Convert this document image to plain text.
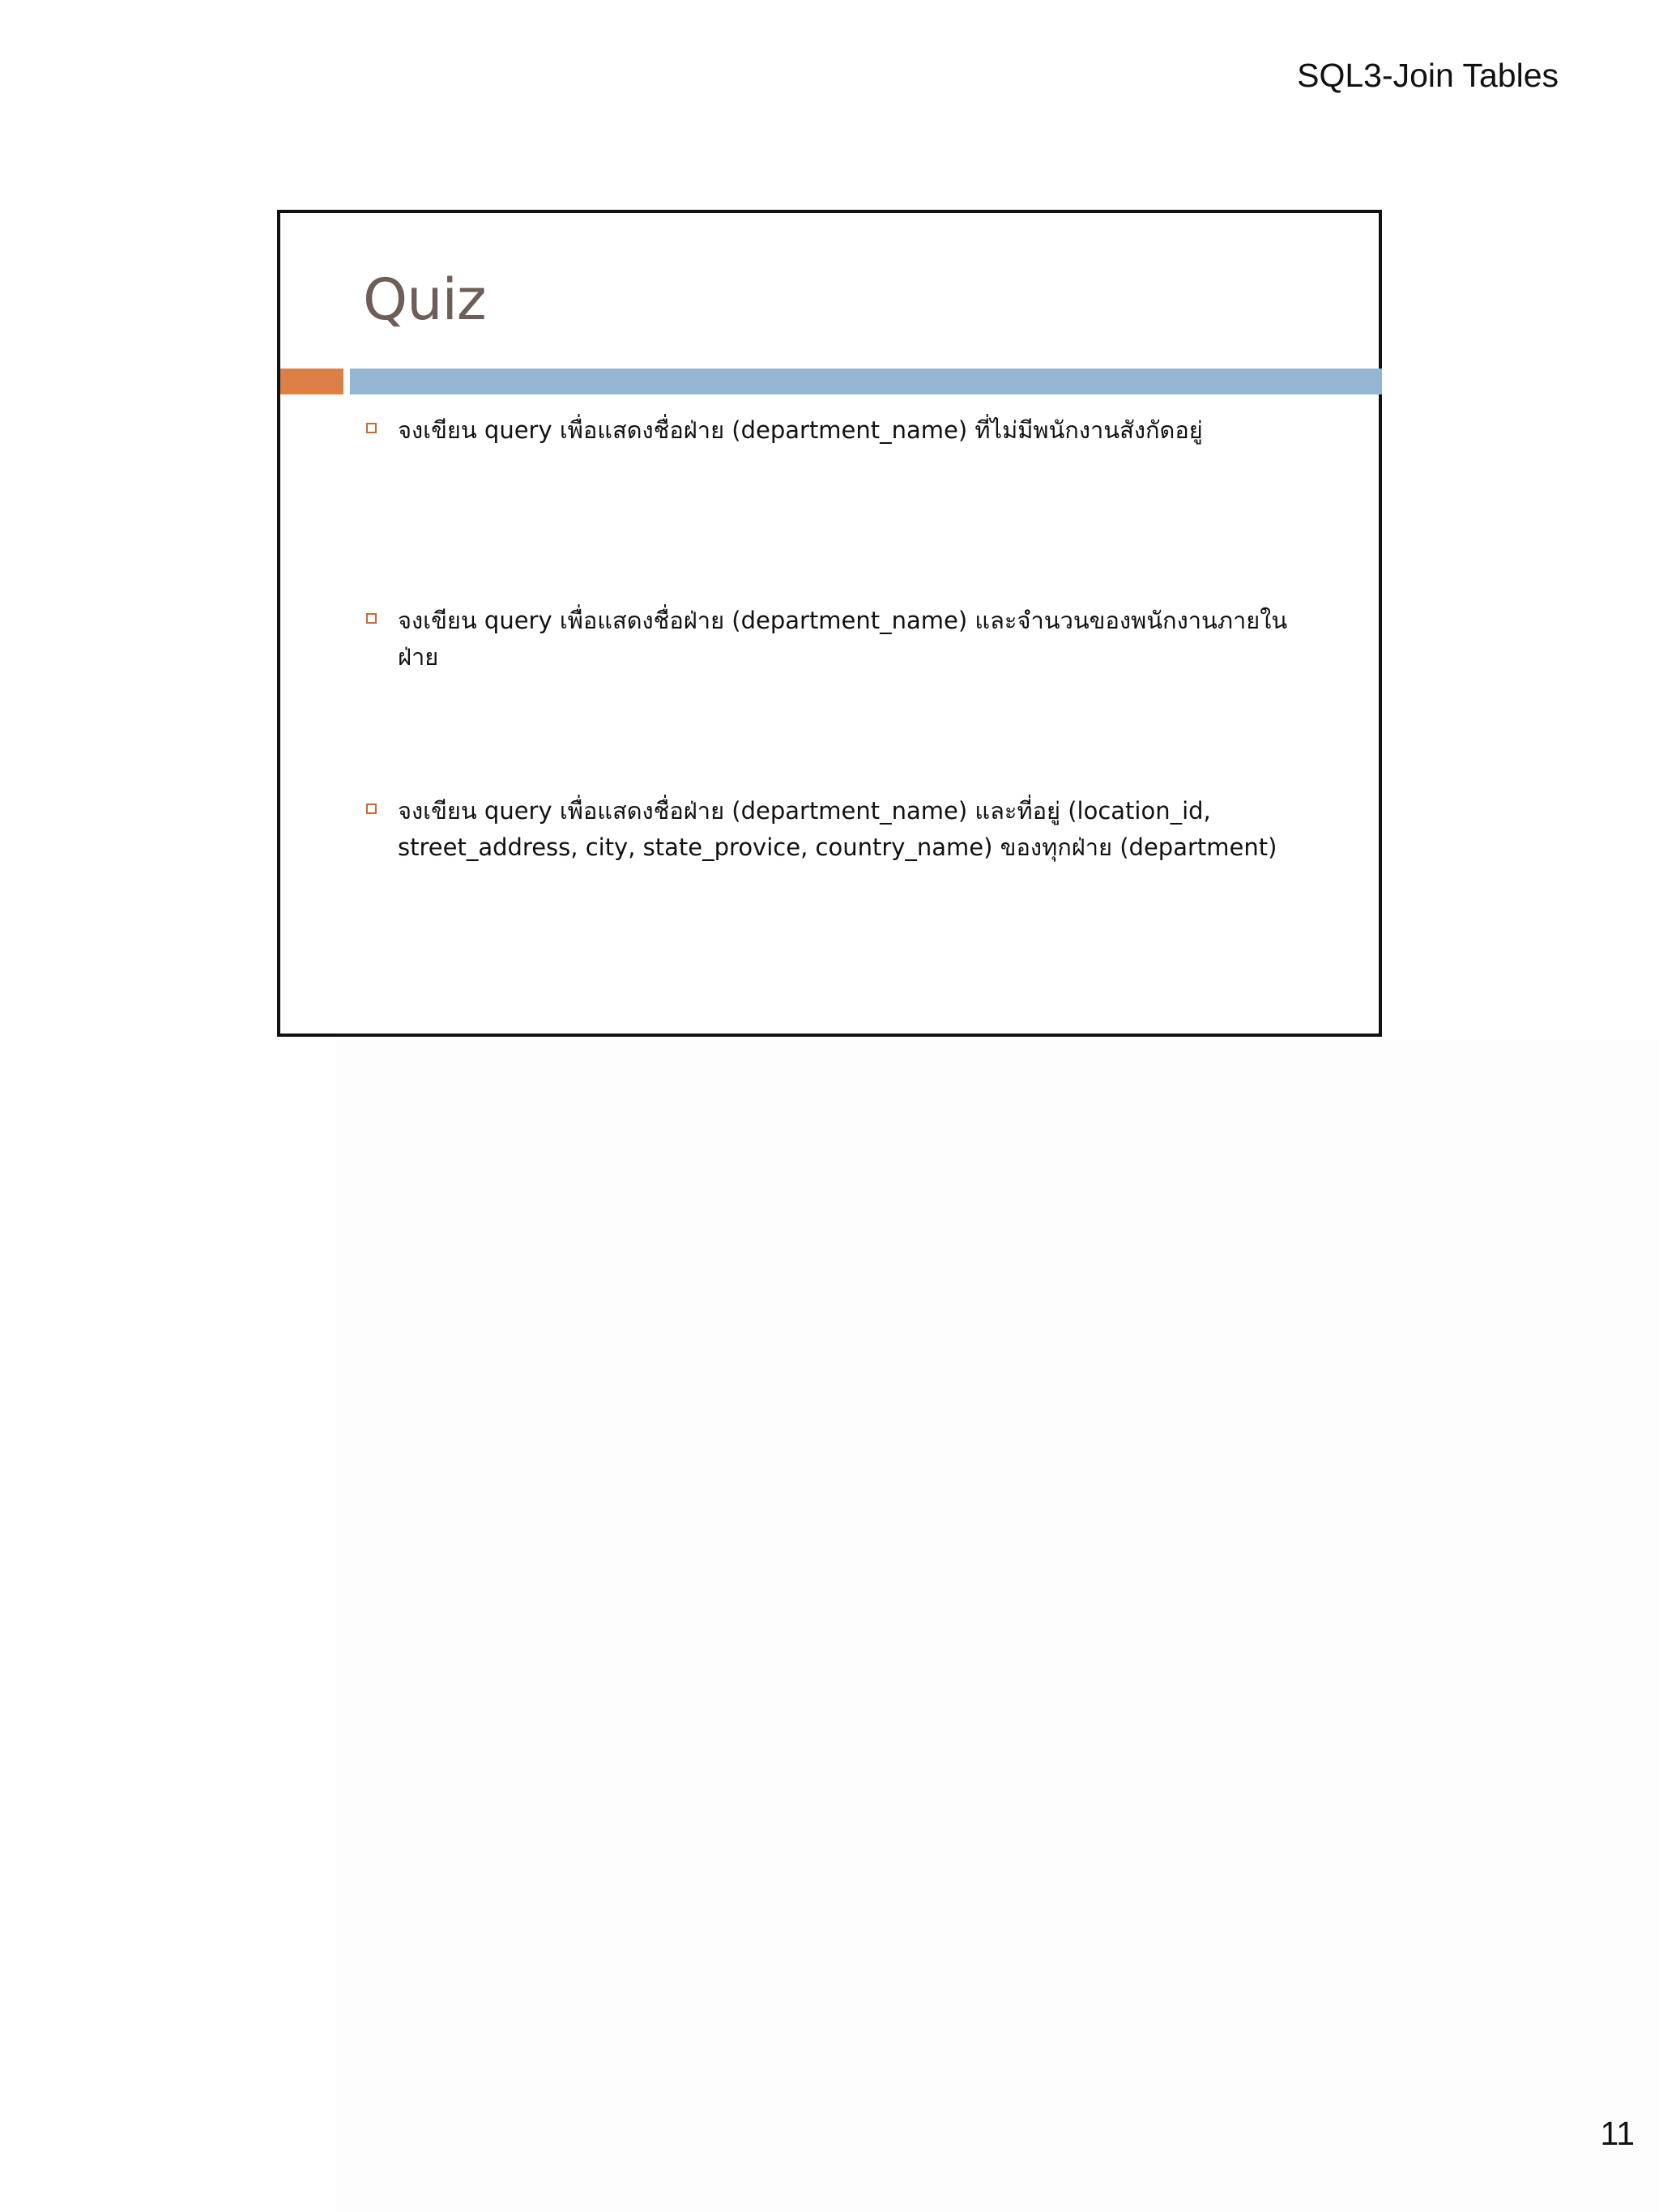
SQL3-Join Tables
Quiz
จงเขียน query เพื่อแสดงชื่อฝ่าย (department_name) ที่ไม่มีพนักงานสังกัดอยู่
จงเขียน query เพื่อแสดงชื่อฝ่าย (department_name) และจำนวนของพนักงานภายในฝ่าย
จงเขียน query เพื่อแสดงชื่อฝ่าย (department_name) และที่อยู่ (location_id, street_address, city, state_provice, country_name) ของทุกฝ่าย (department)
11
